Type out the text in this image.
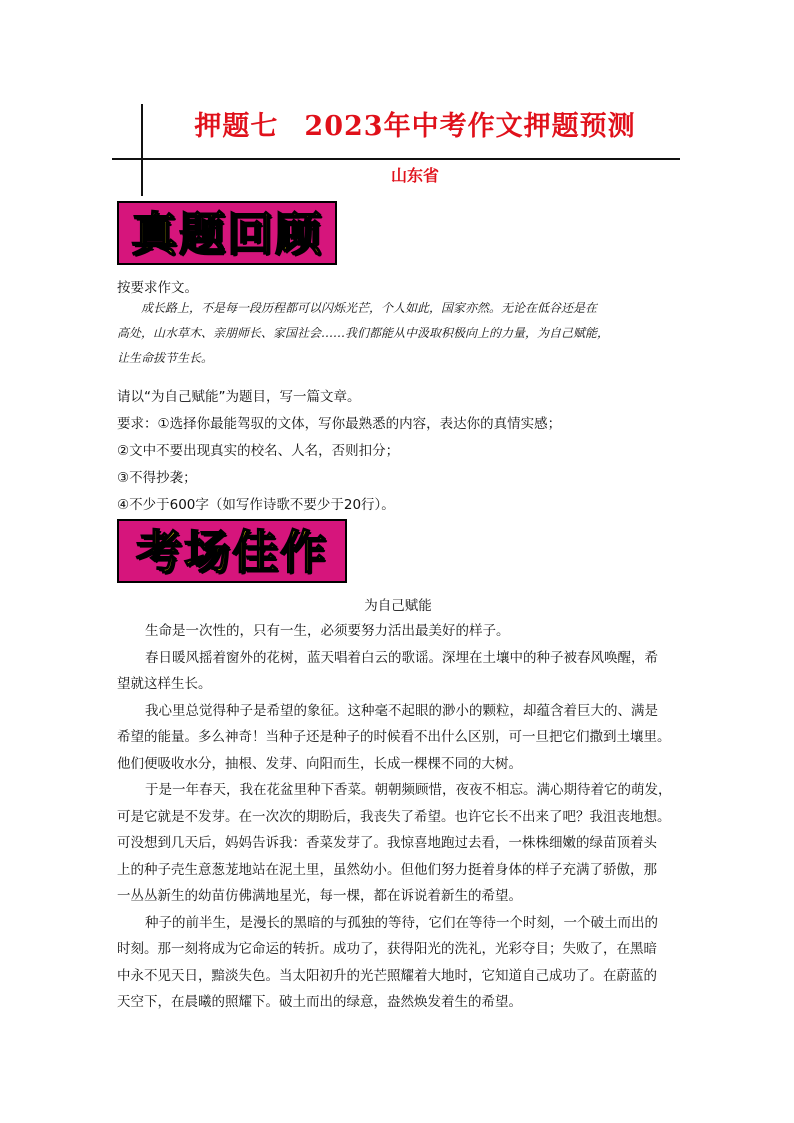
押题七 2023年中考作文押题预测
山东省
真题回顾

按要求作文。

成长路上，不是每一段历程都可以闪烁光芒，个人如此，国家亦然。无论在低谷还是在
高处，山水草木、亲朋师长、家国社会……我们都能从中汲取积极向上的力量，为自己赋能，
让生命拔节生长。

请以“为自己赋能”为题目，写一篇文章。

要求：①选择你最能驾驭的文体，写你最熟悉的内容，表达你的真情实感；

②文中不要出现真实的校名、人名，否则扣分；

③不得抄袭；

④不少于600字（如写作诗歌不要少于20行）。

考场佳作
为自己赋能
生命是一次性的，只有一生，必须要努力活出最美好的样子。
春日暖风摇着窗外的花树，蓝天唱着白云的歌谣。深埋在土壤中的种子被春风唤醒，希
望就这样生长。
我心里总觉得种子是希望的象征。这种毫不起眼的渺小的颗粒，却蕴含着巨大的、满是
希望的能量。多么神奇！当种子还是种子的时候看不出什么区别，可一旦把它们撒到土壤里。
他们便吸收水分，抽根、发芽、向阳而生，长成一棵棵不同的大树。
于是一年春天，我在花盆里种下香菜。朝朝频顾惜，夜夜不相忘。满心期待着它的萌发，
可是它就是不发芽。在一次次的期盼后，我丧失了希望。也许它长不出来了吧？我沮丧地想。
可没想到几天后，妈妈告诉我：香菜发芽了。我惊喜地跑过去看，一株株细嫩的绿苗顶着头
上的种子壳生意葱茏地站在泥土里，虽然幼小。但他们努力挺着身体的样子充满了骄傲，那
一丛丛新生的幼苗仿佛满地星光，每一棵，都在诉说着新生的希望。
种子的前半生，是漫长的黑暗的与孤独的等待，它们在等待一个时刻，一个破土而出的
时刻。那一刻将成为它命运的转折。成功了，获得阳光的洗礼，光彩夺目；失败了，在黑暗
中永不见天日，黯淡失色。当太阳初升的光芒照耀着大地时，它知道自己成功了。在蔚蓝的
天空下，在晨曦的照耀下。破土而出的绿意，盎然焕发着生的希望。
